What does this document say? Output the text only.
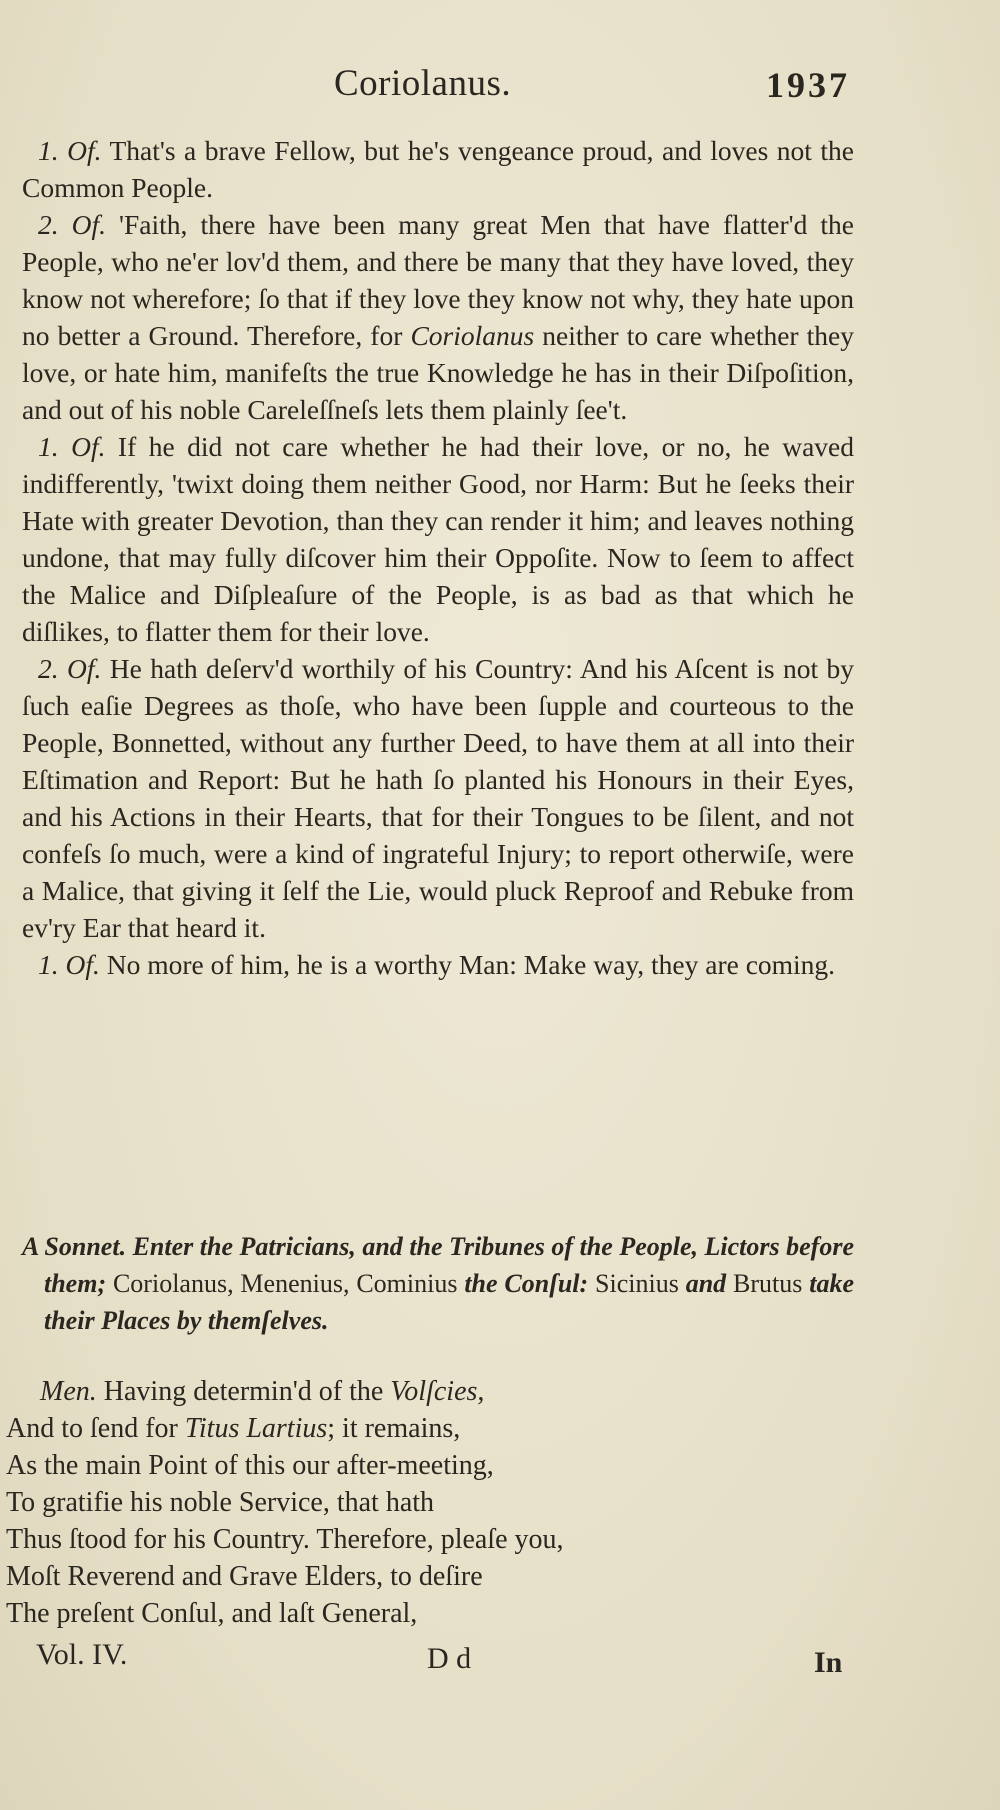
Coriolanus.	1937

1. Of. That's a brave Fellow, but he's vengeance proud, and loves not the Common People.

2. Of. 'Faith, there have been many great Men that have flatter'd the People, who ne'er lov'd them, and there be many that they have loved, they know not wherefore; ſo that if they love they know not why, they hate upon no better a Ground. Therefore, for Coriolanus neither to care whether they love, or hate him, manifeſts the true Knowledge he has in their Diſpoſition, and out of his noble Careleſſneſs lets them plainly ſee't.

1. Of. If he did not care whether he had their love, or no, he waved indifferently, 'twixt doing them neither Good, nor Harm: But he ſeeks their Hate with greater Devotion, than they can render it him; and leaves nothing undone, that may fully diſcover him their Oppoſite. Now to ſeem to affect the Malice and Diſpleaſure of the People, is as bad as that which he diſlikes, to flatter them for their love.

2. Of. He hath deſerv'd worthily of his Country: And his Aſcent is not by ſuch eaſie Degrees as thoſe, who have been ſupple and courteous to the People, Bonnetted, without any further Deed, to have them at all into their Eſtimation and Report: But he hath ſo planted his Honours in their Eyes, and his Actions in their Hearts, that for their Tongues to be ſilent, and not confeſs ſo much, were a kind of ingrateful Injury; to report otherwiſe, were a Malice, that giving it ſelf the Lie, would pluck Reproof and Rebuke from ev'ry Ear that heard it.

1. Of. No more of him, he is a worthy Man: Make way, they are coming.

A Sonnet. Enter the Patricians, and the Tribunes of the People, Lictors before them; Coriolanus, Menenius, Cominius the Conſul: Sicinius and Brutus take their Places by themſelves.

Men. Having determin'd of the Volſcies,
And to ſend for Titus Lartius; it remains,
As the main Point of this our after-meeting,
To gratifie his noble Service, that hath
Thus ſtood for his Country. Therefore, pleaſe you,
Moſt Reverend and Grave Elders, to deſire
The preſent Conſul, and laſt General,
Vol. IV.	D d	In
